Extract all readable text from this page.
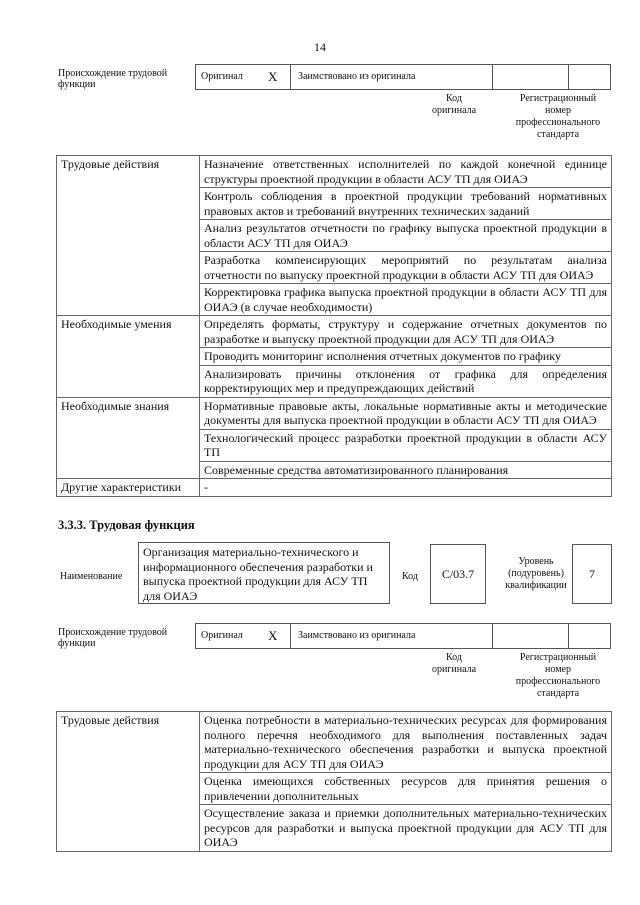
14
Происхождение трудовой функции
Оригинал X Заимствовано из оригинала
Код оригинала
Регистрационный номер профессионального стандарта
Трудовые действия	Назначение ответственных исполнителей по каждой конечной единице структуры проектной продукции в области АСУ ТП для ОИАЭ
	Контроль соблюдения в проектной продукции требований нормативных правовых актов и требований внутренних технических заданий
	Анализ результатов отчетности по графику выпуска проектной продукции в области АСУ ТП для ОИАЭ
	Разработка компенсирующих мероприятий по результатам анализа отчетности по выпуску проектной продукции в области АСУ ТП для ОИАЭ
	Корректировка графика выпуска проектной продукции в области АСУ ТП для ОИАЭ (в случае необходимости)
Необходимые умения	Определять форматы, структуру и содержание отчетных документов по разработке и выпуску проектной продукции для АСУ ТП для ОИАЭ
	Проводить мониторинг исполнения отчетных документов по графику
	Анализировать причины отклонения от графика для определения корректирующих мер и предупреждающих действий
Необходимые знания	Нормативные правовые акты, локальные нормативные акты и методические документы для выпуска проектной продукции в области АСУ ТП для ОИАЭ
	Технологический процесс разработки проектной продукции в области АСУ ТП
	Современные средства автоматизированного планирования
Другие характеристики	-
3.3.3. Трудовая функция
Наименование
Организация материально-технического и информационного обеспечения разработки и выпуска проектной продукции для АСУ ТП для ОИАЭ
Код	C/03.7
Уровень (подуровень) квалификации
7
Происхождение трудовой функции
Оригинал X Заимствовано из оригинала
Код оригинала
Регистрационный номер профессионального стандарта
Трудовые действия	Оценка потребности в материально-технических ресурсах для формирования полного перечня необходимого для выполнения поставленных задач материально-технического обеспечения разработки и выпуска проектной продукции для АСУ ТП для ОИАЭ
Оценка имеющихся собственных ресурсов для принятия решения о привлечении дополнительных
Осуществление заказа и приемки дополнительных материально-технических ресурсов для разработки и выпуска проектной продукции для АСУ ТП для ОИАЭ
